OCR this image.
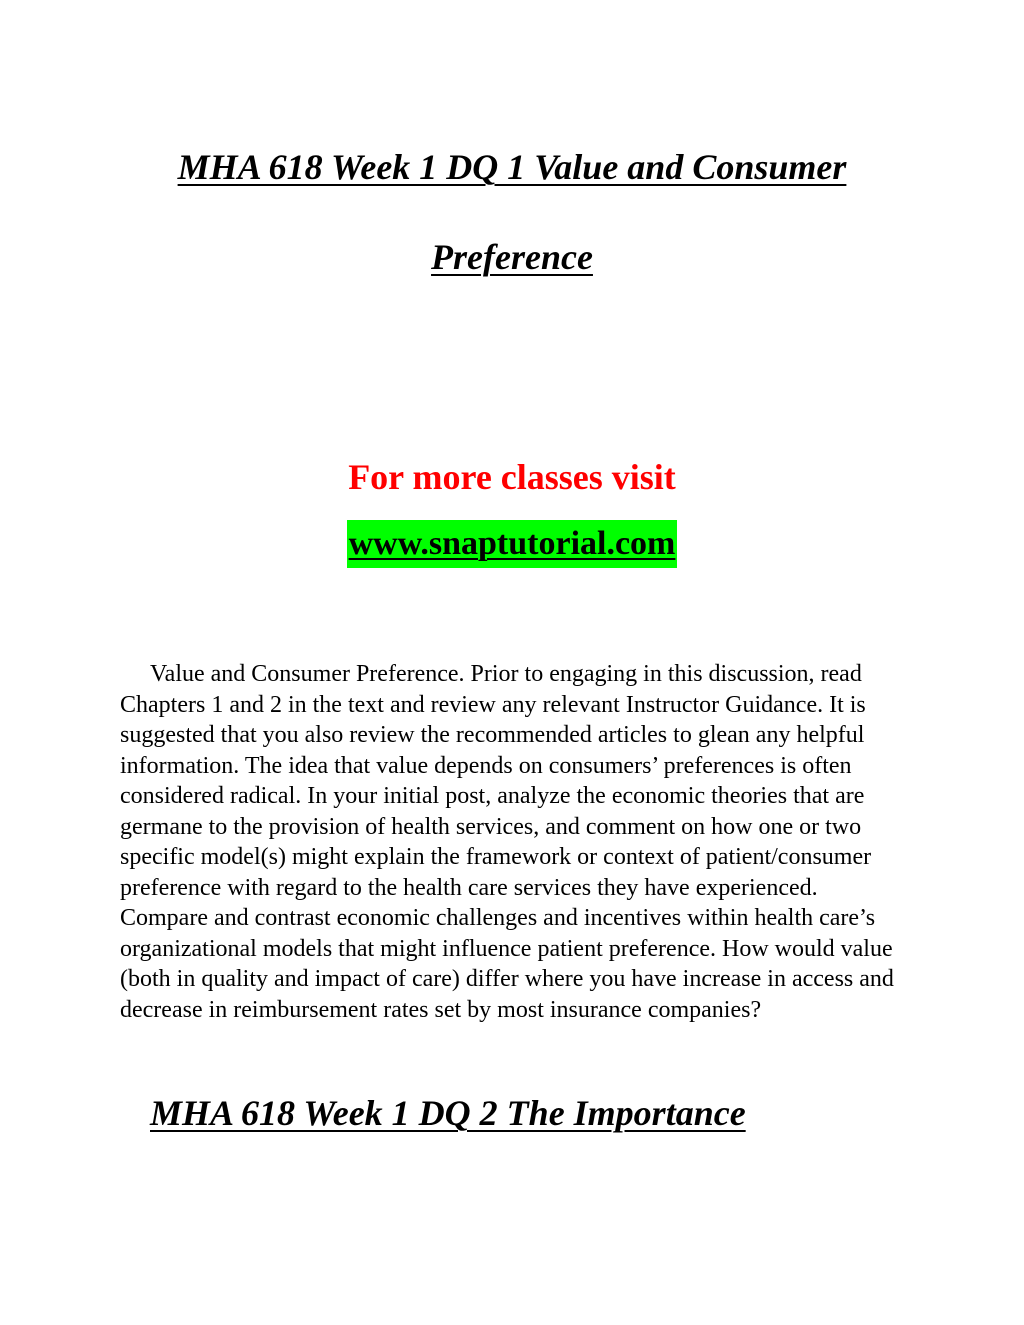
MHA 618 Week 1 DQ 1 Value and Consumer
Preference

For more classes visit

www.snaptutorial.com

Value and Consumer Preference. Prior to engaging in this discussion, read Chapters 1 and 2 in the text and review any relevant Instructor Guidance. It is suggested that you also review the recommended articles to glean any helpful information. The idea that value depends on consumers’ preferences is often considered radical. In your initial post, analyze the economic theories that are germane to the provision of health services, and comment on how one or two specific model(s) might explain the framework or context of patient/consumer preference with regard to the health care services they have experienced. Compare and contrast economic challenges and incentives within health care’s organizational models that might influence patient preference. How would value (both in quality and impact of care) differ where you have increase in access and decrease in reimbursement rates set by most insurance companies?

MHA 618 Week 1 DQ 2 The Importance
